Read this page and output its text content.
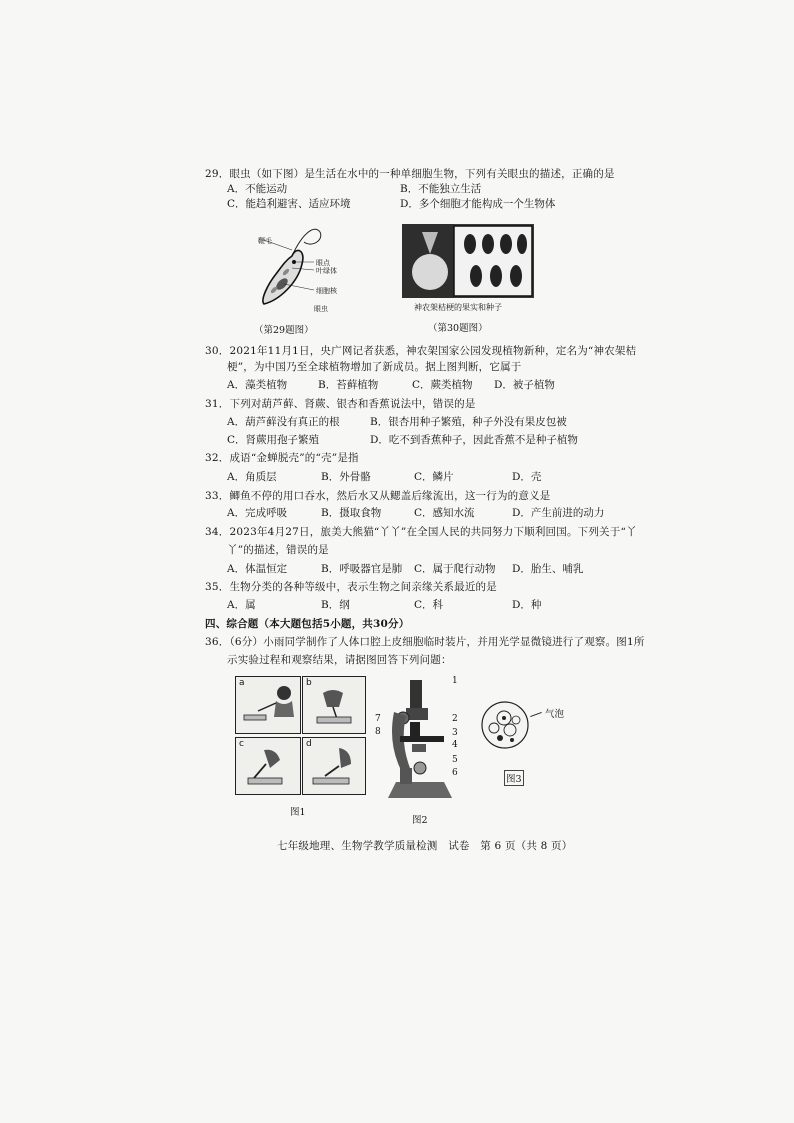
29．眼虫（如下图）是生活在水中的一种单细胞生物，下列有关眼虫的描述，正确的是
A．不能运动	B．不能独立生活
C．能趋利避害、适应环境	D．多个细胞才能构成一个生物体
鞭毛
眼点
叶绿体
细胞核
眼虫
（第29题图）
神农架桔梗的果实和种子
（第30题图）
30．2021年11月1日，央广网记者获悉，神农架国家公园发现植物新种，定名为“神农架桔
梗”，为中国乃至全球植物增加了新成员。据上图判断，它属于
A．藻类植物	B．苔藓植物	C．蕨类植物 D．被子植物
31．下列对葫芦藓、肾蕨、银杏和香蕉说法中，错误的是
A．葫芦藓没有真正的根	B．银杏用种子繁殖，种子外没有果皮包被
C．肾蕨用孢子繁殖	D．吃不到香蕉种子，因此香蕉不是种子植物
32．成语“金蝉脱壳”的“壳”是指
A．角质层	B．外骨骼	C．鳞片	D．壳
33．鲫鱼不停的用口吞水，然后水又从鳃盖后缘流出，这一行为的意义是
A．完成呼吸	B．摄取食物	C．感知水流	D．产生前进的动力
34．2023年4月27日，旅美大熊猫“丫丫”在全国人民的共同努力下顺利回国。下列关于“丫
丫”的描述，错误的是
A．体温恒定	B．呼吸器官是肺 C．属于爬行动物 D．胎生、哺乳
35．生物分类的各种等级中，表示生物之间亲缘关系最近的是
A．属	B．纲	C．科	D．种
四、综合题（本大题包括5小题，共30分）
36．（6分）小雨同学制作了人体口腔上皮细胞临时装片，并用光学显微镜进行了观察。图1所
示实验过程和观察结果，请据图回答下列问题：
a	b
c	d
图1
1
2
3
4
5
6
7
8
图2
气泡
图3
七年级地理、生物学教学质量检测　试卷　第 6 页（共 8 页）
